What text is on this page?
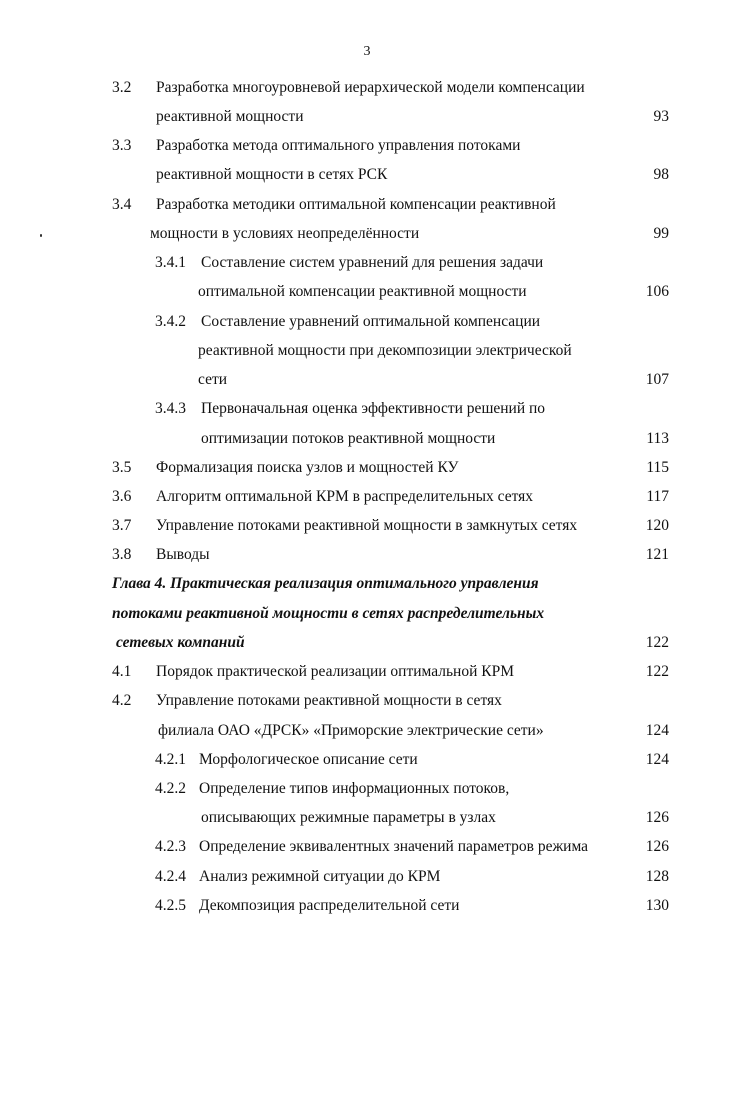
3
3.2 Разработка многоуровневой иерархической модели компенсации
реактивной мощности	93
3.3 Разработка метода оптимального управления потоками
реактивной мощности в сетях РСК	98
3.4 Разработка методики оптимальной компенсации реактивной
мощности в условиях неопределённости	99
3.4.1 Составление систем уравнений для решения задачи
оптимальной компенсации реактивной мощности	106
3.4.2 Составление уравнений оптимальной компенсации
реактивной мощности при декомпозиции электрической
сети	107
3.4.3 Первоначальная оценка эффективности решений по
оптимизации потоков реактивной мощности	113
3.5 Формализация поиска узлов и мощностей КУ	115
3.6 Алгоритм оптимальной КРМ в распределительных сетях	117
3.7 Управление потоками реактивной мощности в замкнутых сетях	120
3.8 Выводы	121
Глава 4. Практическая реализация оптимального управления
потоками реактивной мощности в сетях распределительных
сетевых компаний	122
4.1 Порядок практической реализации оптимальной КРМ	122
4.2 Управление потоками реактивной мощности в сетях
филиала ОАО «ДРСК» «Приморские электрические сети»	124
4.2.1 Морфологическое описание сети	124
4.2.2 Определение типов информационных потоков,
описывающих режимные параметры в узлах	126
4.2.3 Определение эквивалентных значений параметров режима	126
4.2.4 Анализ режимной ситуации до КРМ	128
4.2.5 Декомпозиция распределительной сети	130
